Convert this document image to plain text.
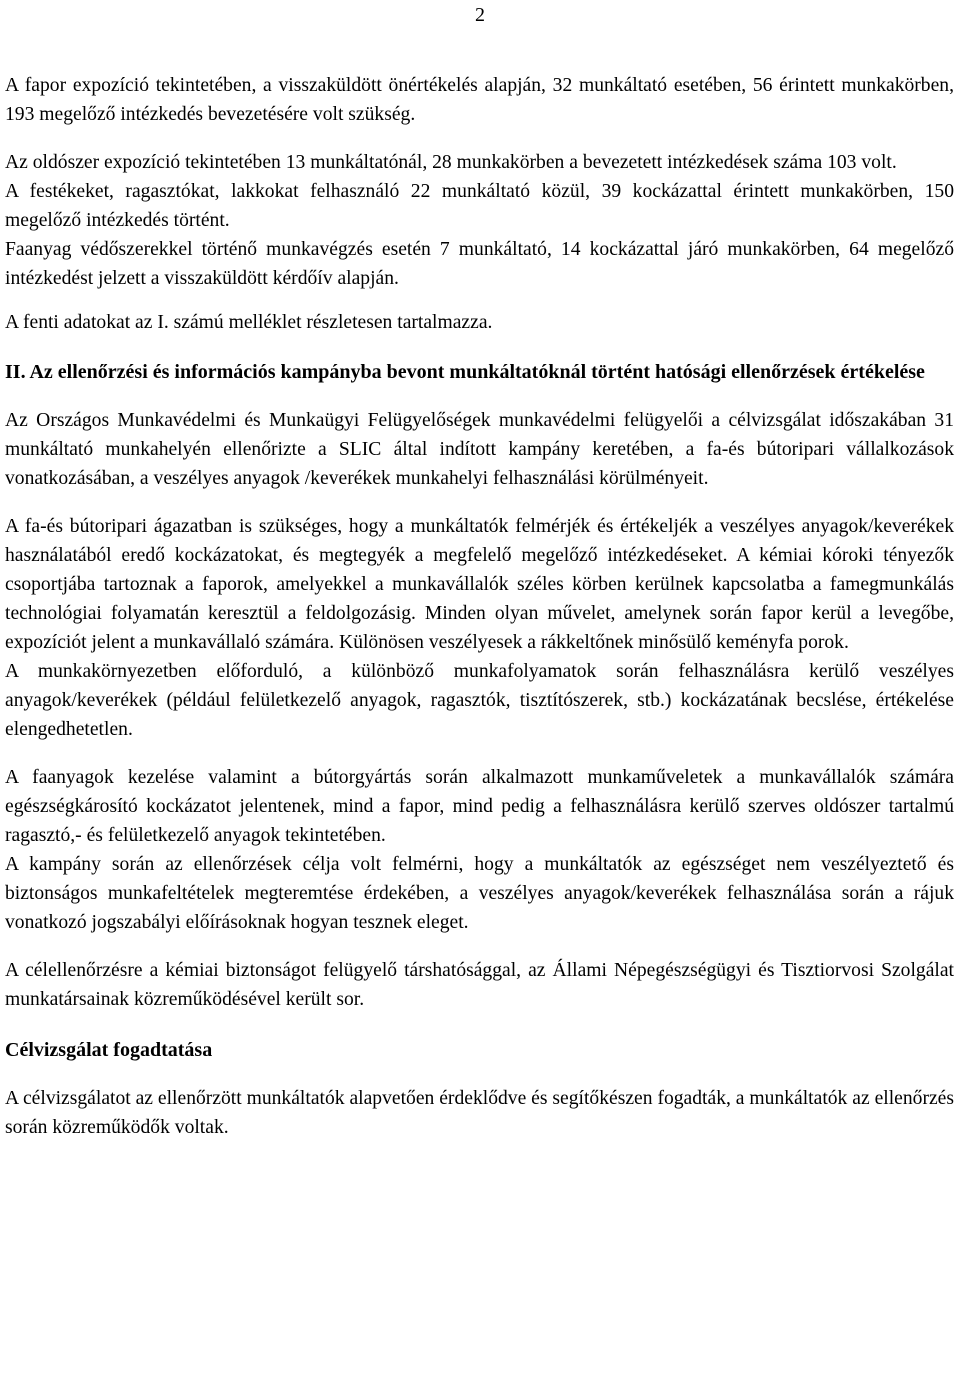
2

A fapor expozíció tekintetében, a visszaküldött önértékelés alapján, 32 munkáltató esetében, 56 érintett munkakörben, 193 megelőző intézkedés bevezetésére volt szükség.

Az oldószer expozíció tekintetében 13 munkáltatónál, 28 munkakörben a bevezetett intézkedések száma 103 volt.

A festékeket, ragasztókat, lakkokat felhasználó 22 munkáltató közül, 39 kockázattal érintett munkakörben, 150 megelőző intézkedés történt.

Faanyag védőszerekkel történő munkavégzés esetén 7 munkáltató, 14 kockázattal járó munkakörben, 64 megelőző intézkedést jelzett a visszaküldött kérdőív alapján.

A fenti adatokat az I. számú melléklet részletesen tartalmazza.

II. Az ellenőrzési és információs kampányba bevont munkáltatóknál történt hatósági ellenőrzések értékelése

Az Országos Munkavédelmi és Munkaügyi Felügyelőségek munkavédelmi felügyelői a célvizsgálat időszakában 31 munkáltató munkahelyén ellenőrizte a SLIC által indított kampány keretében, a fa-és bútoripari vállalkozások vonatkozásában, a veszélyes anyagok /keverékek munkahelyi felhasználási körülményeit.

A fa-és bútoripari ágazatban is szükséges, hogy a munkáltatók felmérjék és értékeljék a veszélyes anyagok/keverékek használatából eredő kockázatokat, és megtegyék a megfelelő megelőző intézkedéseket. A kémiai kóroki tényezők csoportjába tartoznak a faporok, amelyekkel a munkavállalók széles körben kerülnek kapcsolatba a famegmunkálás technológiai folyamatán keresztül a feldolgozásig. Minden olyan művelet, amelynek során fapor kerül a levegőbe, expozíciót jelent a munkavállaló számára. Különösen veszélyesek a rákkeltőnek minősülő keményfa porok.

A munkakörnyezetben előforduló, a különböző munkafolyamatok során felhasználásra kerülő veszélyes anyagok/keverékek (például felületkezelő anyagok, ragasztók, tisztítószerek, stb.) kockázatának becslése, értékelése elengedhetetlen.

A faanyagok kezelése valamint a bútorgyártás során alkalmazott munkaműveletek a munkavállalók számára egészségkárosító kockázatot jelentenek, mind a fapor, mind pedig a felhasználásra kerülő szerves oldószer tartalmú ragasztó,- és felületkezelő anyagok tekintetében.

A kampány során az ellenőrzések célja volt felmérni, hogy a munkáltatók az egészséget nem veszélyeztető és biztonságos munkafeltételek megteremtése érdekében, a veszélyes anyagok/keverékek felhasználása során a rájuk vonatkozó jogszabályi előírásoknak hogyan tesznek eleget.

A célellenőrzésre a kémiai biztonságot felügyelő társhatósággal, az Állami Népegészségügyi és Tisztiorvosi Szolgálat munkatársainak közreműködésével került sor.

Célvizsgálat fogadtatása

A célvizsgálatot az ellenőrzött munkáltatók alapvetően érdeklődve és segítőkészen fogadták, a munkáltatók az ellenőrzés során közreműködők voltak.
